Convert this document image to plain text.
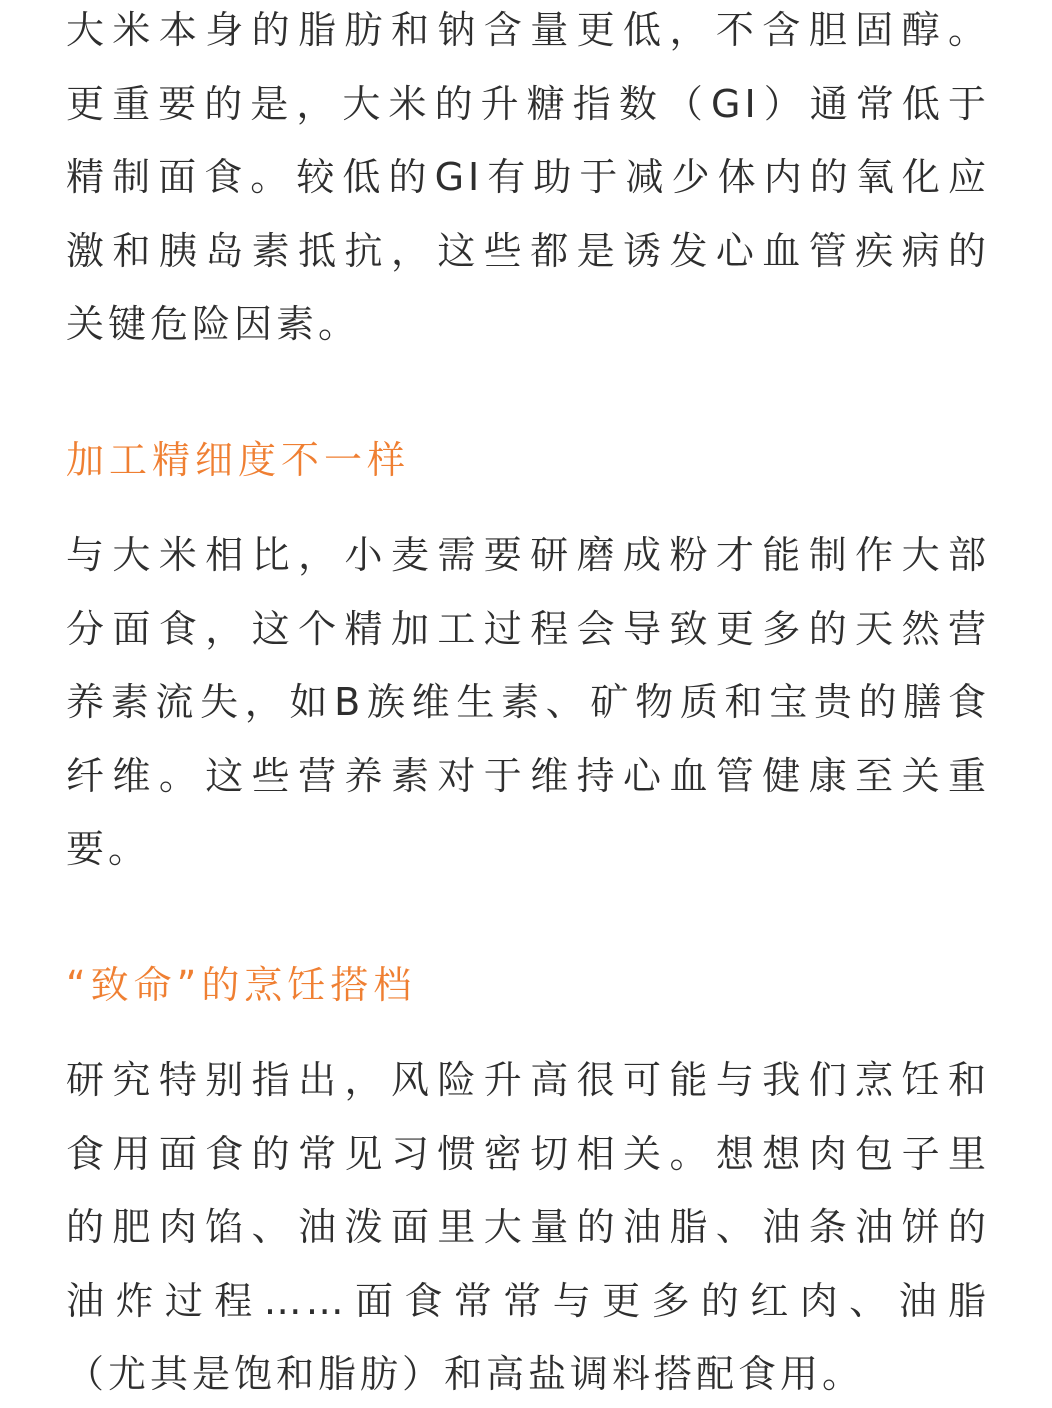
大米本身的脂肪和钠含量更低，不含胆固醇。
更重要的是，大米的升糖指数（GI）通常低于
精制面食。较低的GI有助于减少体内的氧化应
激和胰岛素抵抗，这些都是诱发心血管疾病的
关键危险因素。
加工精细度不一样
与大米相比，小麦需要研磨成粉才能制作大部
分面食，这个精加工过程会导致更多的天然营
养素流失，如B族维生素、矿物质和宝贵的膳食
纤维。这些营养素对于维持心血管健康至关重
要。
“致命”的烹饪搭档
研究特别指出，风险升高很可能与我们烹饪和
食用面食的常见习惯密切相关。想想肉包子里
的肥肉馅、油泼面里大量的油脂、油条油饼的
油炸过程……面食常常与更多的红肉、油脂
（尤其是饱和脂肪）和高盐调料搭配食用。
